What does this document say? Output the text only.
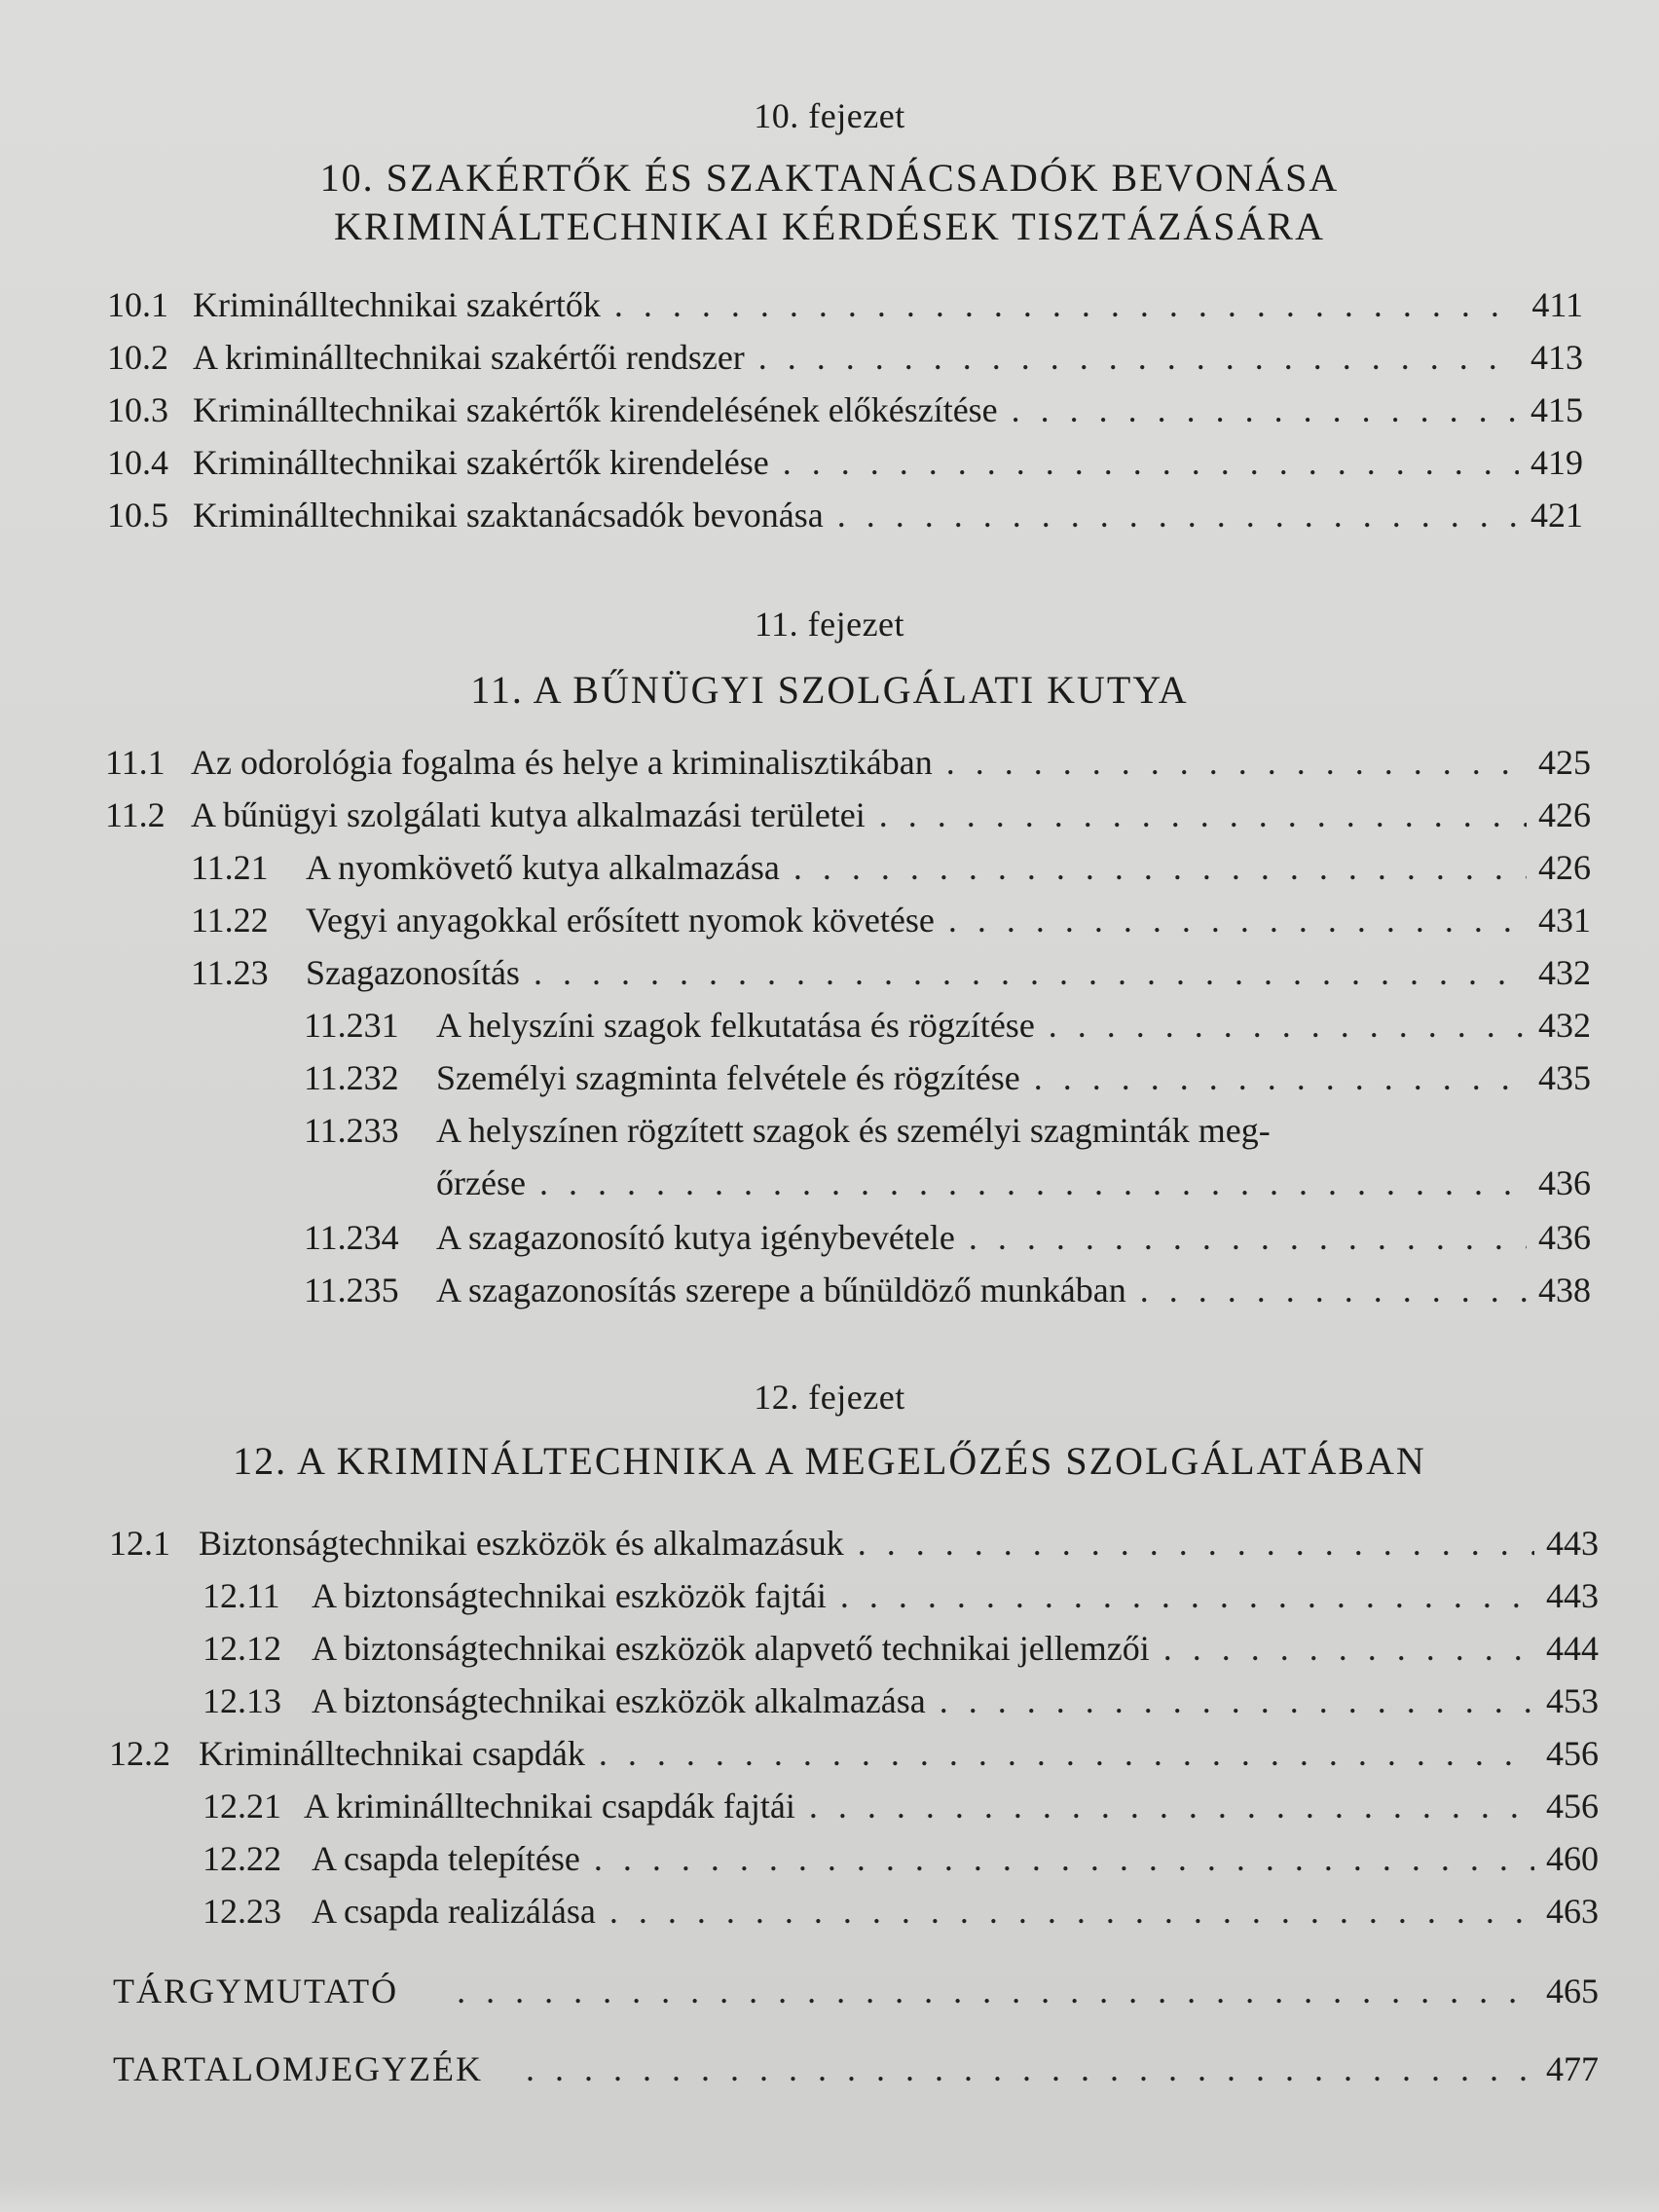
10. fejezet

10. SZAKÉRTŐK ÉS SZAKTANÁCSADÓK BEVONÁSA

KRIMINÁLTECHNIKAI KÉRDÉSEK TISZTÁZÁSÁRA

10.1 Kriminálltechnikai szakértők . . .	411
10.2 A kriminálltechnikai szakértői rendszer . . .	413
10.3 Kriminálltechnikai szakértők kirendelésének előkészítése . . .	415
10.4 Kriminálltechnikai szakértők kirendelése . . .	419
10.5 Kriminálltechnikai szaktanácsadók bevonása . . .	421

11. fejezet

11. A BŰNÜGYI SZOLGÁLATI KUTYA

11.1 Az odorológia fogalma és helye a kriminalisztikában . . .	425
11.2 A bűnügyi szolgálati kutya alkalmazási területei . . .	426
11.21	A nyomkövető kutya alkalmazása . . .	426
11.22	Vegyi anyagokkal erősített nyomok követése . . .	431
11.23	Szagazonosítás . . .	432
11.231	A helyszíni szagok felkutatása és rögzítése . . .	432
11.232	Személyi szagminta felvétele és rögzítése . . .	435
11.233 A helyszínen rögzített szagok és személyi szagminták meg-
őrzése . . .	436
11.234	A szagazonosító kutya igénybevétele . . .	436
11.235	A szagazonosítás szerepe a bűnüldöző munkában . . .	438

12. fejezet

12. A KRIMINÁLTECHNIKA A MEGELŐZÉS SZOLGÁLATÁBAN

12.1 Biztonságtechnikai eszközök és alkalmazásuk . . .	443
12.11 A biztonságtechnikai eszközök fajtái . . .	443
12.12 A biztonságtechnikai eszközök alapvető technikai jellemzői . . .	444
12.13 A biztonságtechnikai eszközök alkalmazása . . .	453
12.2 Kriminálltechnikai csapdák . . .	456
12.21 A kriminálltechnikai csapdák fajtái . . .	456
12.22 A csapda telepítése . . .	460
12.23 A csapda realizálása . . .	463
TÁRGYMUTATÓ . . .	465
TARTALOMJEGYZÉK . . .	477
